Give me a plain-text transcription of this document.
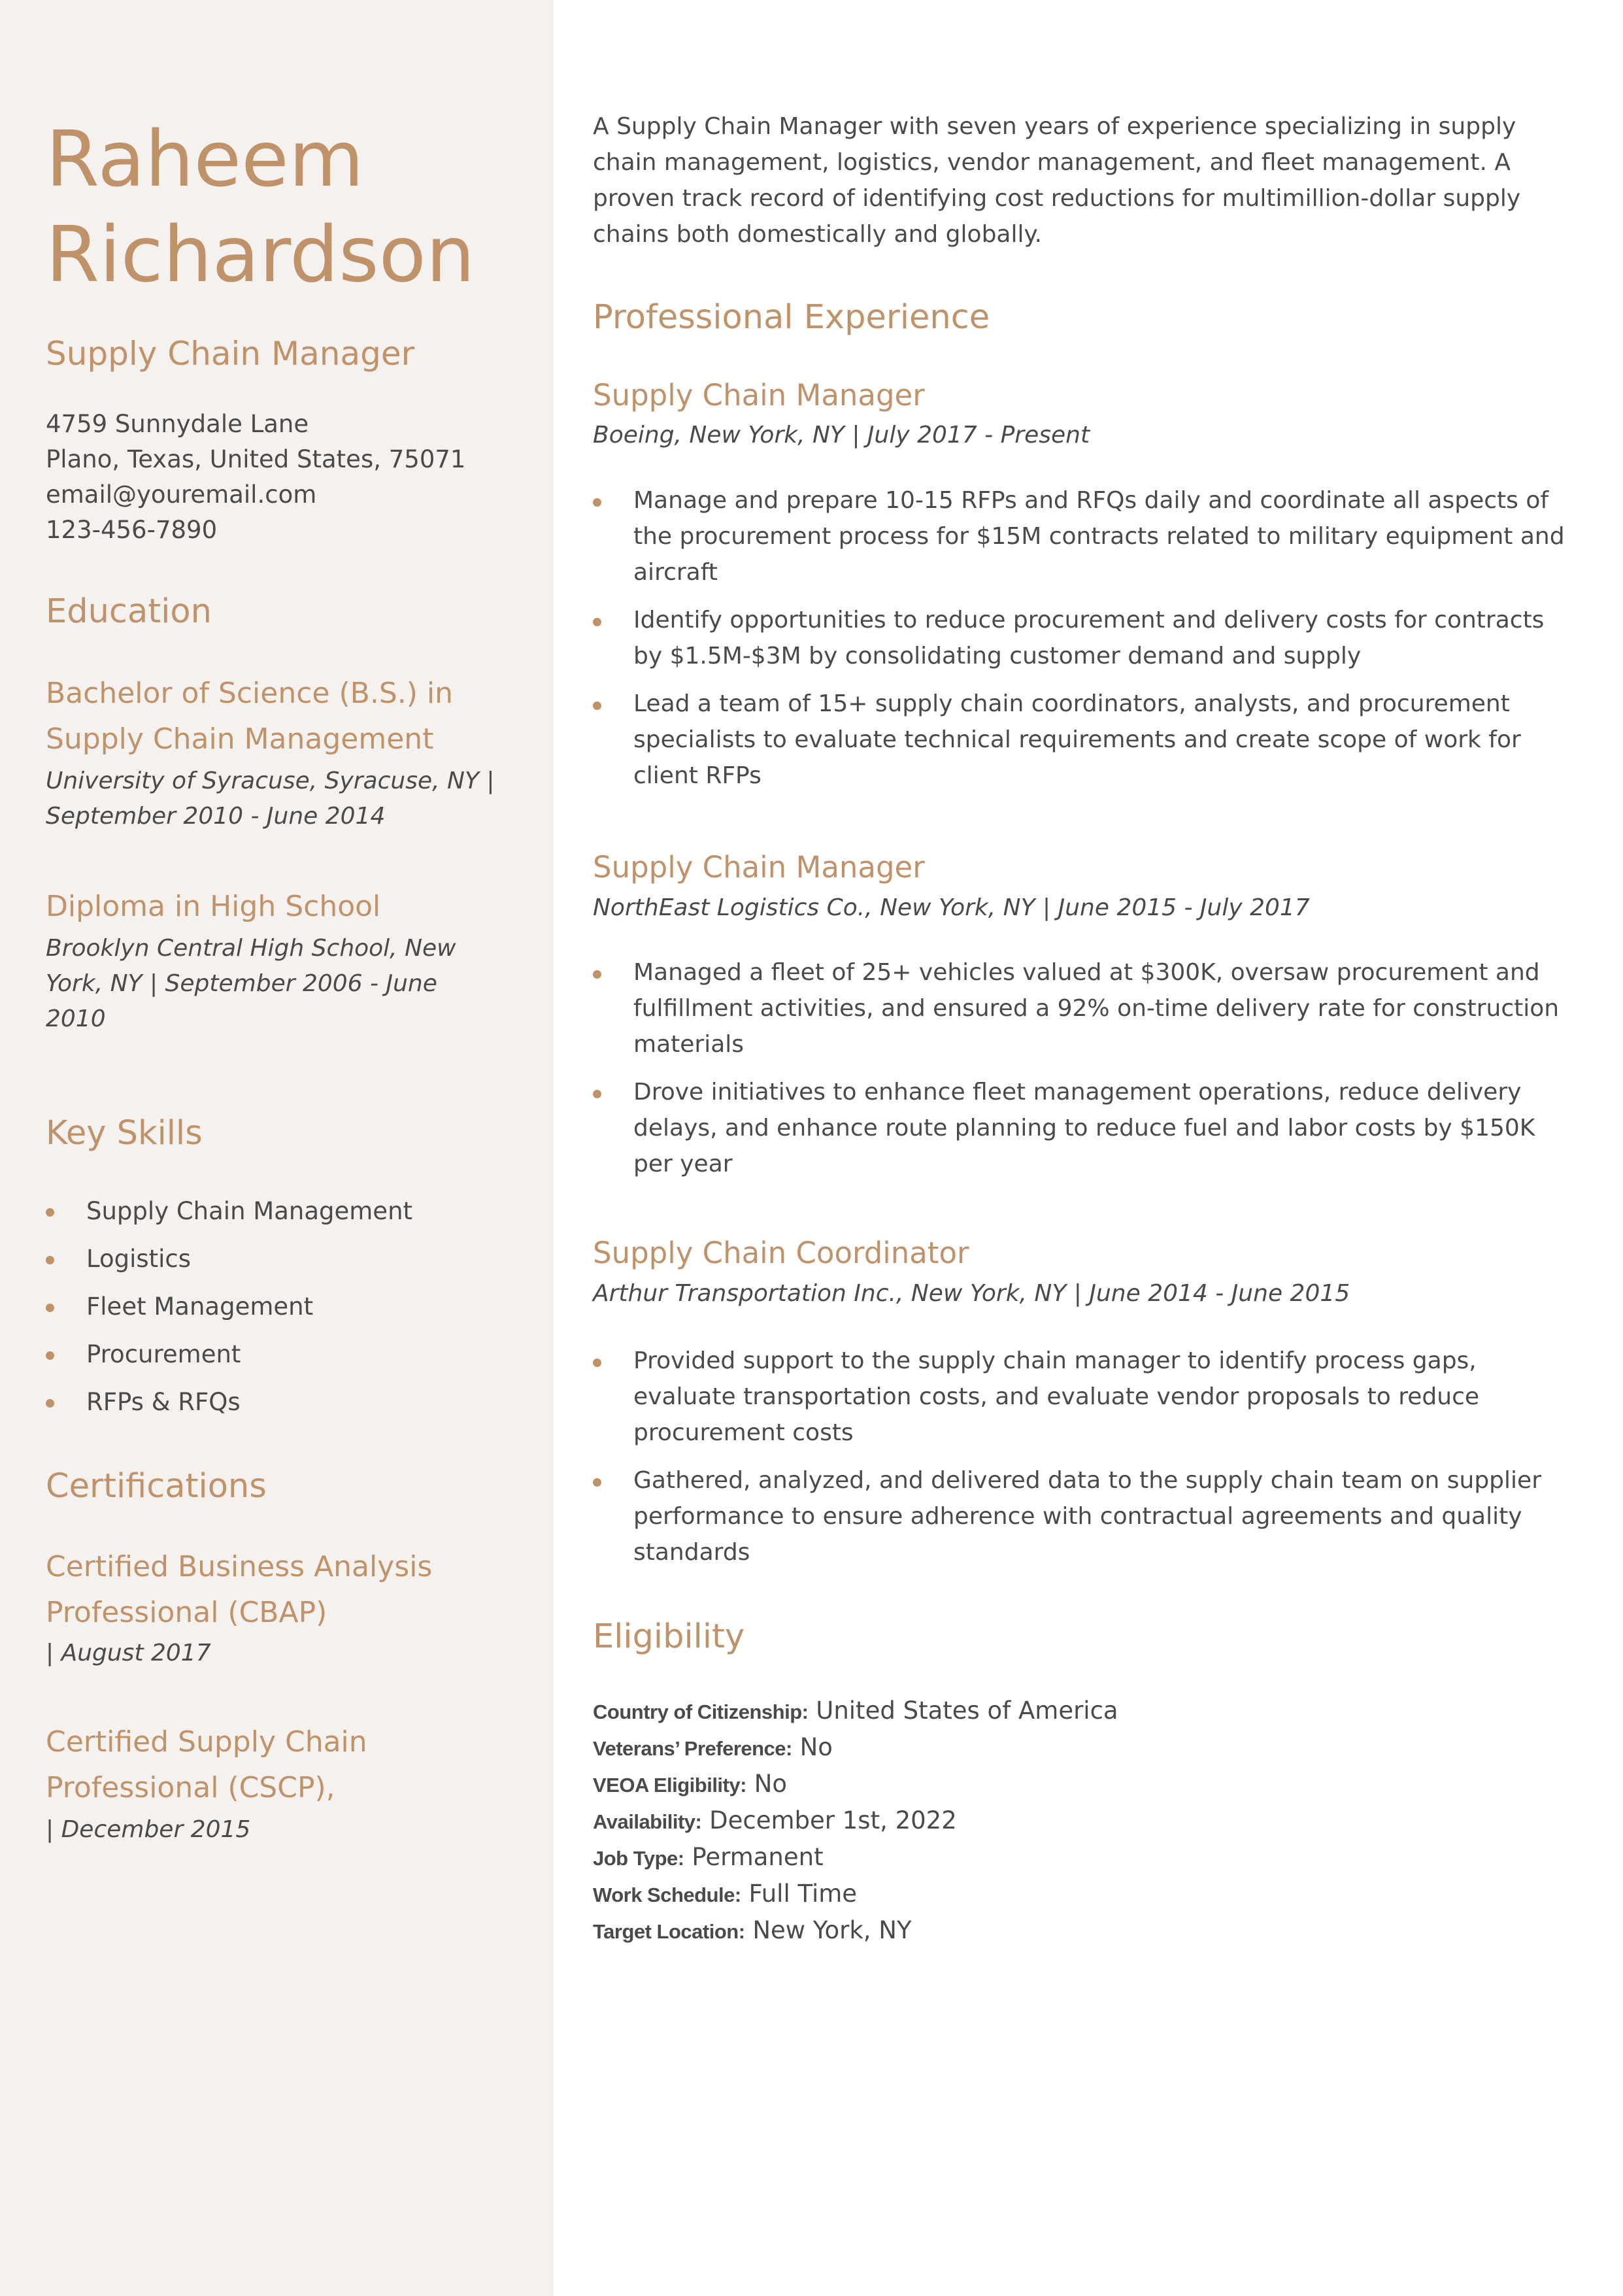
Raheem
Richardson
Supply Chain Manager
4759 Sunnydale Lane
Plano, Texas, United States, 75071
email@youremail.com
123-456-7890
Education
Bachelor of Science (B.S.) in Supply Chain Management
University of Syracuse, Syracuse, NY | September 2010 - June 2014
Diploma in High School
Brooklyn Central High School, New York, NY | September 2006 - June 2010
Key Skills
Supply Chain Management
Logistics
Fleet Management
Procurement
RFPs & RFQs
Certifications
Certified Business Analysis Professional (CBAP)
| August 2017
Certified Supply Chain Professional (CSCP),
| December 2015

A Supply Chain Manager with seven years of experience specializing in supply chain management, logistics, vendor management, and fleet management. A proven track record of identifying cost reductions for multimillion-dollar supply chains both domestically and globally.

Professional Experience
Supply Chain Manager
Boeing, New York, NY | July 2017 - Present
Manage and prepare 10-15 RFPs and RFQs daily and coordinate all aspects of the procurement process for $15M contracts related to military equipment and aircraft
Identify opportunities to reduce procurement and delivery costs for contracts by $1.5M-$3M by consolidating customer demand and supply
Lead a team of 15+ supply chain coordinators, analysts, and procurement specialists to evaluate technical requirements and create scope of work for client RFPs
Supply Chain Manager
NorthEast Logistics Co., New York, NY | June 2015 - July 2017
Managed a fleet of 25+ vehicles valued at $300K, oversaw procurement and fulfillment activities, and ensured a 92% on-time delivery rate for construction materials
Drove initiatives to enhance fleet management operations, reduce delivery delays, and enhance route planning to reduce fuel and labor costs by $150K per year
Supply Chain Coordinator
Arthur Transportation Inc., New York, NY | June 2014 - June 2015
Provided support to the supply chain manager to identify process gaps, evaluate transportation costs, and evaluate vendor proposals to reduce procurement costs
Gathered, analyzed, and delivered data to the supply chain team on supplier performance to ensure adherence with contractual agreements and quality standards
Eligibility
Country of Citizenship: United States of America
Veterans’ Preference: No
VEOA Eligibility: No
Availability: December 1st, 2022
Job Type: Permanent
Work Schedule: Full Time
Target Location: New York, NY
